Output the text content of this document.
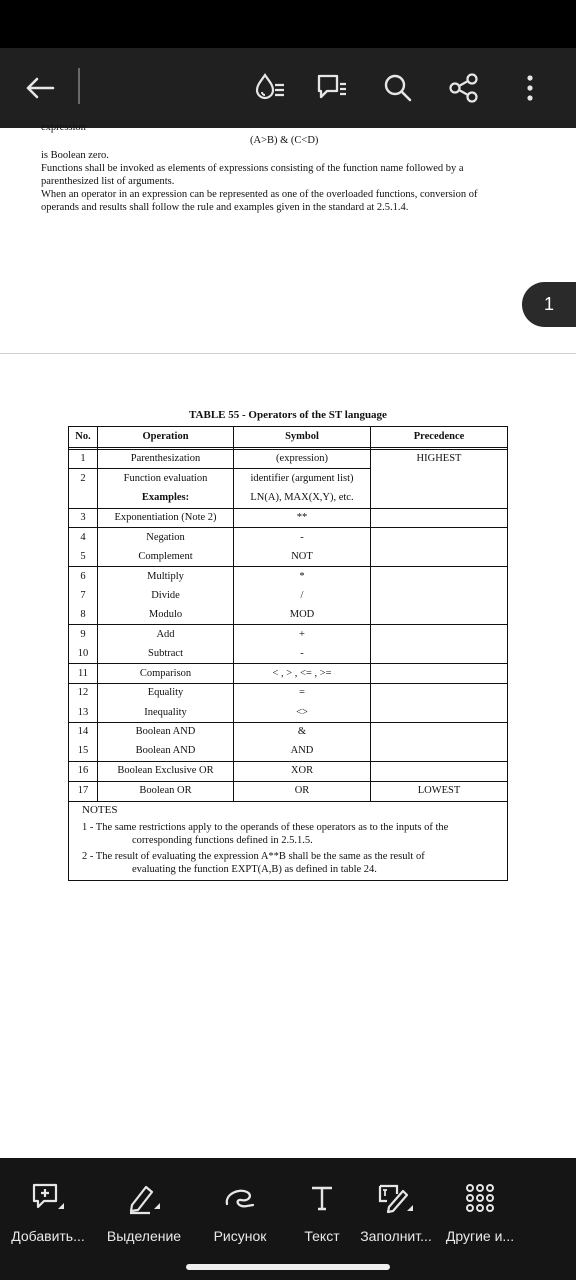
expression
(A>B) & (C<D)
is Boolean zero.
Functions shall be invoked as elements of expressions consisting of the function name followed by a
parenthesized list of arguments.
When an operator in an expression can be represented as one of the overloaded functions, conversion of
operands and results shall follow the rule and examples given in the standard at 2.5.1.4.
1
TABLE 55 - Operators of the ST language
No.	Operation	Symbol	Precedence
1	Parenthesization	(expression)	HIGHEST
2	Function evaluation	identifier (argument list)
Examples:	LN(A), MAX(X,Y), etc.
3	Exponentiation (Note 2)	**
4	Negation	-
5	Complement	NOT
6	Multiply	*
7	Divide	/
8	Modulo	MOD
9	Add	+
10	Subtract	-
11	Comparison	< , > , <= , >=
12	Equality	=
13	Inequality	<>
14	Boolean AND	&
15	Boolean AND	AND
16	Boolean Exclusive OR	XOR
17	Boolean OR	OR	LOWEST
NOTES
1 - The same restrictions apply to the operands of these operators as to the inputs of the
corresponding functions defined in 2.5.1.5.
2 - The result of evaluating the expression A**B shall be the same as the result of
evaluating the function EXPT(A,B) as defined in table 24.
Добавить...	Выделение	Рисунок	Текст	Заполнит...	Другие и...
